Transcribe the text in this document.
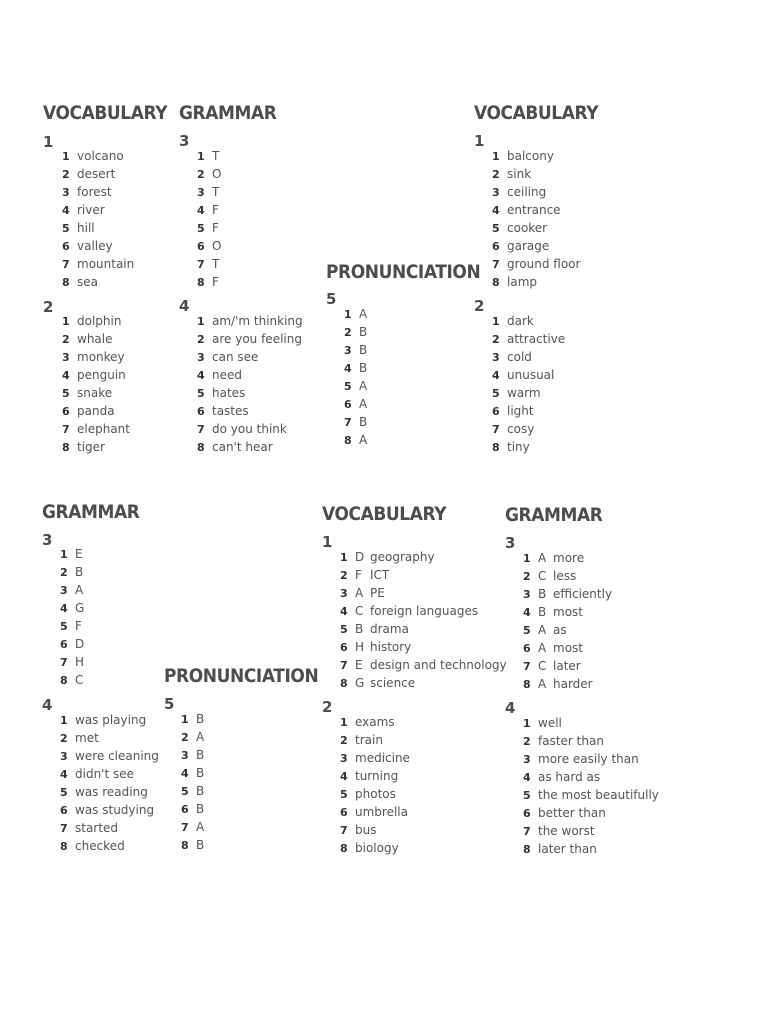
VOCABULARY
1
1 volcano
2 desert
3 forest
4 river
5 hill
6 valley
7 mountain
8 sea
2
1 dolphin
2 whale
3 monkey
4 penguin
5 snake
6 panda
7 elephant
8 tiger
GRAMMAR
3
1 T
2 O
3 T
4 F
5 F
6 O
7 T
8 F
4
1 am/'m thinking
2 are you feeling
3 can see
4 need
5 hates
6 tastes
7 do you think
8 can't hear
PRONUNCIATION
5
1 A
2 B
3 B
4 B
5 A
6 A
7 B
8 A
VOCABULARY
1
1 balcony
2 sink
3 ceiling
4 entrance
5 cooker
6 garage
7 ground floor
8 lamp
2
1 dark
2 attractive
3 cold
4 unusual
5 warm
6 light
7 cosy
8 tiny
GRAMMAR
3
1 E
2 B
3 A
4 G
5 F
6 D
7 H
8 C
4
1 was playing
2 met
3 were cleaning
4 didn't see
5 was reading
6 was studying
7 started
8 checked
PRONUNCIATION
5
1 B
2 A
3 B
4 B
5 B
6 B
7 A
8 B
VOCABULARY
1
1 D geography
2 F ICT
3 A PE
4 C foreign languages
5 B drama
6 H history
7 E design and technology
8 G science
2
1 exams
2 train
3 medicine
4 turning
5 photos
6 umbrella
7 bus
8 biology
GRAMMAR
3
1 A more
2 C less
3 B efficiently
4 B most
5 A as
6 A most
7 C later
8 A harder
4
1 well
2 faster than
3 more easily than
4 as hard as
5 the most beautifully
6 better than
7 the worst
8 later than
